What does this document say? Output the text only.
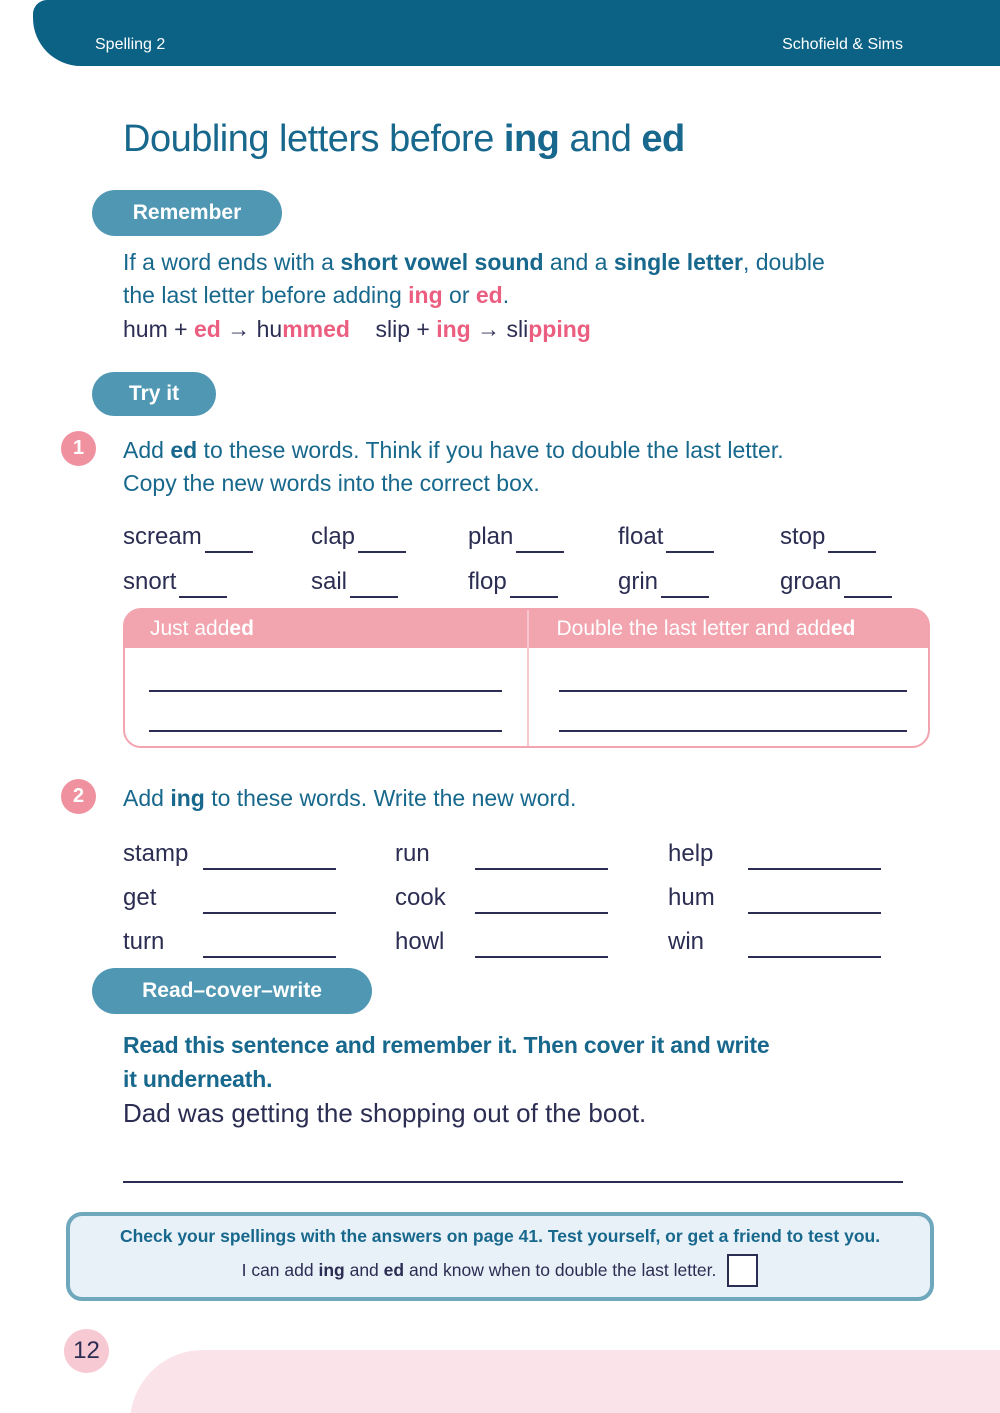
Spelling 2	Schofield & Sims
Doubling letters before ing and ed
Remember
If a word ends with a short vowel sound and a single letter, double
the last letter before adding ing or ed.
hum + ed → hummed    slip + ing → slipping
Try it
1	Add ed to these words. Think if you have to double the last letter.
Copy the new words into the correct box.
scream	clap	plan	float	stop
snort	sail	flop	grin	groan
Just add ed	Double the last letter and add ed
2	Add ing to these words. Write the new word.
stamp	run	help
get	cook	hum
turn	howl	win
Read–cover–write
Read this sentence and remember it. Then cover it and write
it underneath.
Dad was getting the shopping out of the boot.
Check your spellings with the answers on page 41. Test yourself, or get a friend to test you.
I can add ing and ed and know when to double the last letter.
12
